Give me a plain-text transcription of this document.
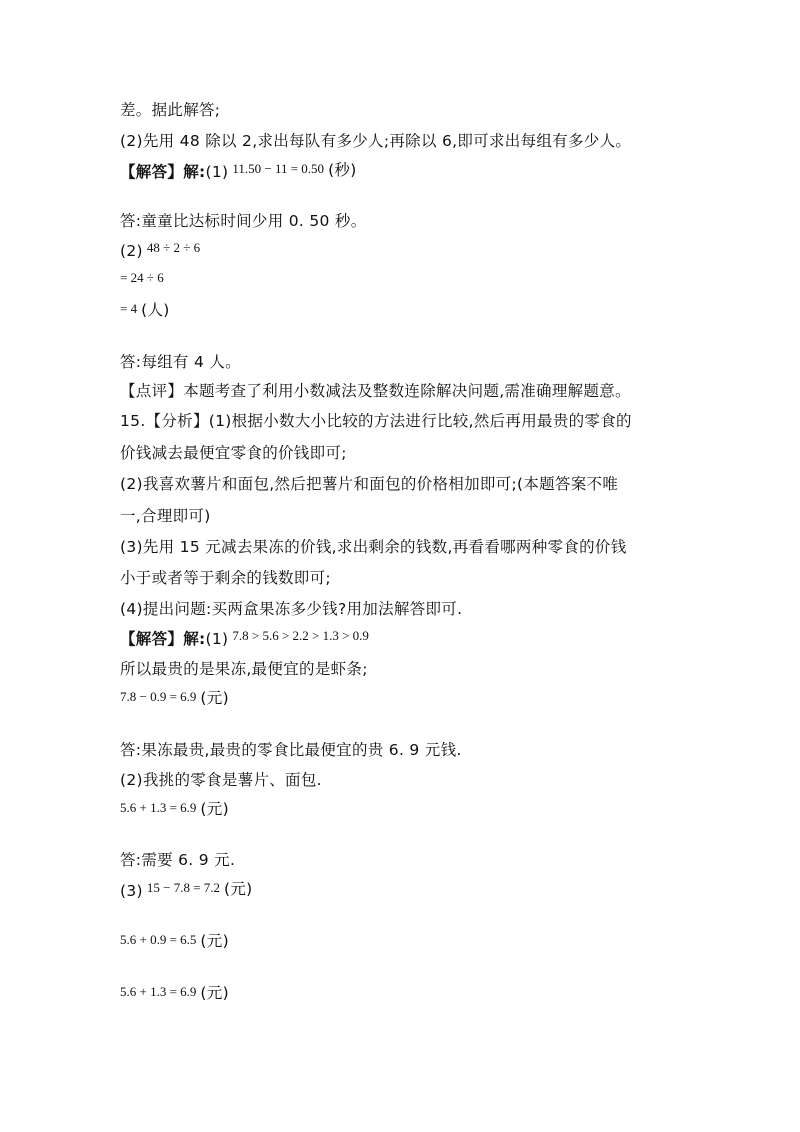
差。据此解答;
(2)先用 48 除以 2,求出每队有多少人;再除以 6,即可求出每组有多少人。
【解答】解:(1) $^{11.50 - 11 = 0.50}$ (秒)
答:童童比达标时间少用 0. 50 秒。
(2) $^{48 \div 2 \div 6}$
$^{= 24 \div 6}$
$^{= 4}$ (人)
答:每组有 4 人。
【点评】本题考查了利用小数减法及整数连除解决问题,需准确理解题意。
15.【分析】(1)根据小数大小比较的方法进行比较,然后再用最贵的零食的
价钱减去最便宜零食的价钱即可;
(2)我喜欢薯片和面包,然后把薯片和面包的价格相加即可;(本题答案不唯
一,合理即可)
(3)先用 15 元减去果冻的价钱,求出剩余的钱数,再看看哪两种零食的价钱
小于或者等于剩余的钱数即可;
(4)提出问题:买两盒果冻多少钱?用加法解答即可.
【解答】解:(1) $^{7.8 > 5.6 > 2.2 > 1.3 > 0.9}$
所以最贵的是果冻,最便宜的是虾条;
$^{7.8 - 0.9 = 6.9}$ (元)
答:果冻最贵,最贵的零食比最便宜的贵 6. 9 元钱.
(2)我挑的零食是薯片、面包.
$^{5.6 + 1.3 = 6.9}$ (元)
答:需要 6. 9 元.
(3) $^{15 - 7.8 = 7.2}$ (元)
$^{5.6 + 0.9 = 6.5}$ (元)
$^{5.6 + 1.3 = 6.9}$ (元)
